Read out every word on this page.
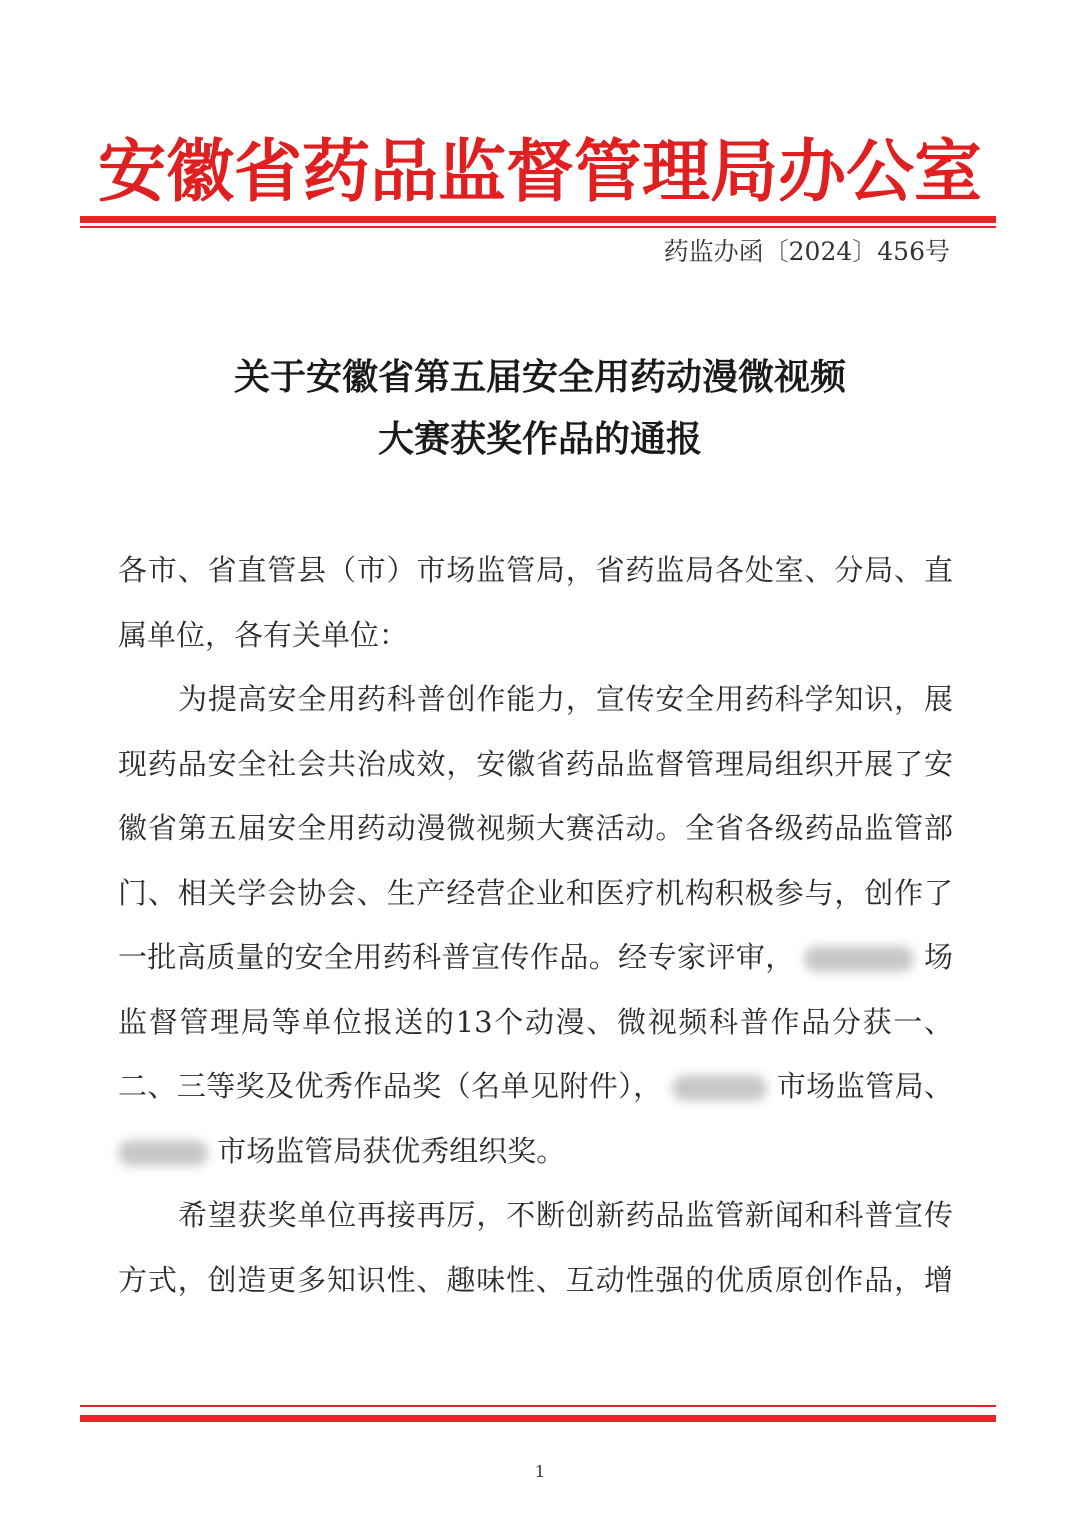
安徽省药品监督管理局办公室
药监办函〔2024〕456号
关于安徽省第五届安全用药动漫微视频
大赛获奖作品的通报
各市、省直管县（市）市场监管局，省药监局各处室、分局、直
属单位，各有关单位：
为提高安全用药科普创作能力，宣传安全用药科学知识，展
现药品安全社会共治成效，安徽省药品监督管理局组织开展了安
徽省第五届安全用药动漫微视频大赛活动。全省各级药品监管部
门、相关学会协会、生产经营企业和医疗机构积极参与，创作了
一批高质量的安全用药科普宣传作品。经专家评审，	场
监督管理局等单位报送的13个动漫、微视频科普作品分获一、
二、三等奖及优秀作品奖（名单见附件），	市场监管局、
市场监管局获优秀组织奖。
希望获奖单位再接再厉，不断创新药品监管新闻和科普宣传
方式，创造更多知识性、趣味性、互动性强的优质原创作品，增
1
